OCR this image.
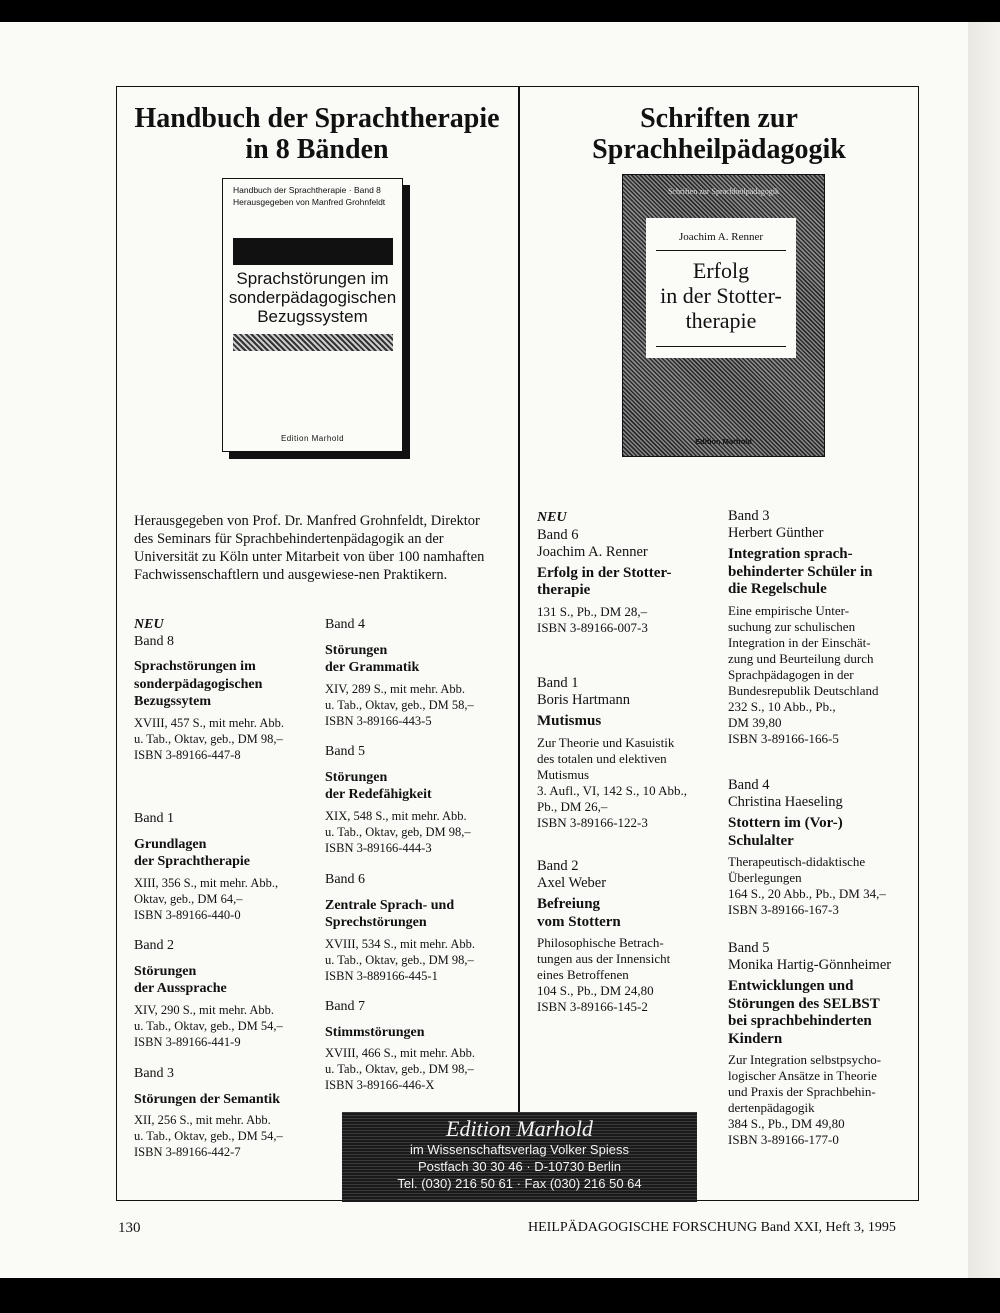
Handbuch der Sprachtherapie
in 8 Bänden
Schriften zur
Sprachheilpädagogik
Handbuch der Sprachtherapie · Band 8
Herausgegeben von Manfred Grohnfeldt
Sprachstörungen im
sonderpädagogischen
Bezugssystem
Edition Marhold
Schriften zur Sprachheilpädagogik
Joachim A. Renner
Erfolg
in der Stotter-
therapie
Edition Marhold
Herausgegeben von Prof. Dr. Manfred Grohnfeldt, Direktor des Seminars für Sprachbehindertenpädagogik an der Universität zu Köln unter Mitarbeit von über 100 namhaften Fachwissenschaftlern und ausgewiese-nen Praktikern.
NEU
Band 8
Sprachstörungen im
sonderpädagogischen
Bezugssytem
XVIII, 457 S., mit mehr. Abb.
u. Tab., Oktav, geb., DM 98,–
ISBN 3-89166-447-8
Band 1
Grundlagen
der Sprachtherapie
XIII, 356 S., mit mehr. Abb.,
Oktav, geb., DM 64,–
ISBN 3-89166-440-0
Band 2
Störungen
der Aussprache
XIV, 290 S., mit mehr. Abb.
u. Tab., Oktav, geb., DM 54,–
ISBN 3-89166-441-9
Band 3
Störungen der Semantik
XII, 256 S., mit mehr. Abb.
u. Tab., Oktav, geb., DM 54,–
ISBN 3-89166-442-7
Band 4
Störungen
der Grammatik
XIV, 289 S., mit mehr. Abb.
u. Tab., Oktav, geb., DM 58,–
ISBN 3-89166-443-5
Band 5
Störungen
der Redefähigkeit
XIX, 548 S., mit mehr. Abb.
u. Tab., Oktav, geb, DM 98,–
ISBN 3-89166-444-3
Band 6
Zentrale Sprach- und
Sprechstörungen
XVIII, 534 S., mit mehr. Abb.
u. Tab., Oktav, geb., DM 98,–
ISBN 3-889166-445-1
Band 7
Stimmstörungen
XVIII, 466 S., mit mehr. Abb.
u. Tab., Oktav, geb., DM 98,–
ISBN 3-89166-446-X
NEU
Band 6
Joachim A. Renner
Erfolg in der Stotter-
therapie
131 S., Pb., DM 28,–
ISBN 3-89166-007-3
Band 1
Boris Hartmann
Mutismus
Zur Theorie und Kasuistik
des totalen und elektiven
Mutismus
3. Aufl., VI, 142 S., 10 Abb.,
Pb., DM 26,–
ISBN 3-89166-122-3
Band 2
Axel Weber
Befreiung
vom Stottern
Philosophische Betrach-
tungen aus der Innensicht
eines Betroffenen
104 S., Pb., DM 24,80
ISBN 3-89166-145-2
Band 3
Herbert Günther
Integration sprach-
behinderter Schüler in
die Regelschule
Eine empirische Unter-
suchung zur schulischen
Integration in der Einschät-
zung und Beurteilung durch
Sprachpädagogen in der
Bundesrepublik Deutschland
232 S., 10 Abb., Pb.,
DM 39,80
ISBN 3-89166-166-5
Band 4
Christina Haeseling
Stottern im (Vor-)
Schulalter
Therapeutisch-didaktische
Überlegungen
164 S., 20 Abb., Pb., DM 34,–
ISBN 3-89166-167-3
Band 5
Monika Hartig-Gönnheimer
Entwicklungen und
Störungen des SELBST
bei sprachbehinderten
Kindern
Zur Integration selbstpsycho-
logischer Ansätze in Theorie
und Praxis der Sprachbehin-
dertenpädagogik
384 S., Pb., DM 49,80
ISBN 3-89166-177-0
Edition Marhold
im Wissenschaftsverlag Volker Spiess
Postfach 30 30 46 · D-10730 Berlin
Tel. (030) 216 50 61 · Fax (030) 216 50 64
130	HEILPÄDAGOGISCHE FORSCHUNG Band XXI, Heft 3, 1995
